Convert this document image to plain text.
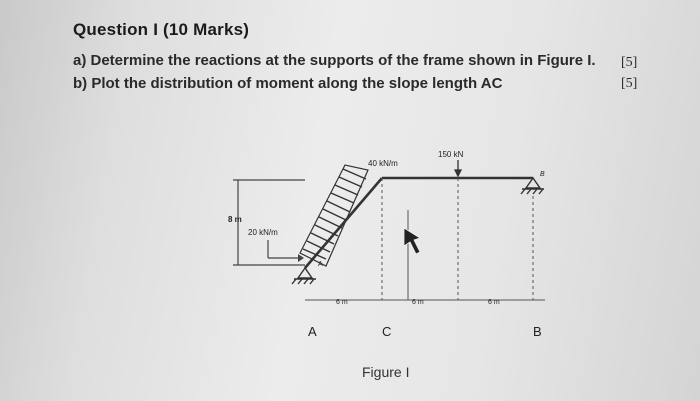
Question I (10 Marks)
a) Determine the reactions at the supports of the frame shown in Figure I.
b) Plot the distribution of moment along the slope length AC
[5]
[5]
8 m
20 kN/m
40 kN/m
150 kN
A
B
6 m	6 m	6 m
A	C	B
Figure I
